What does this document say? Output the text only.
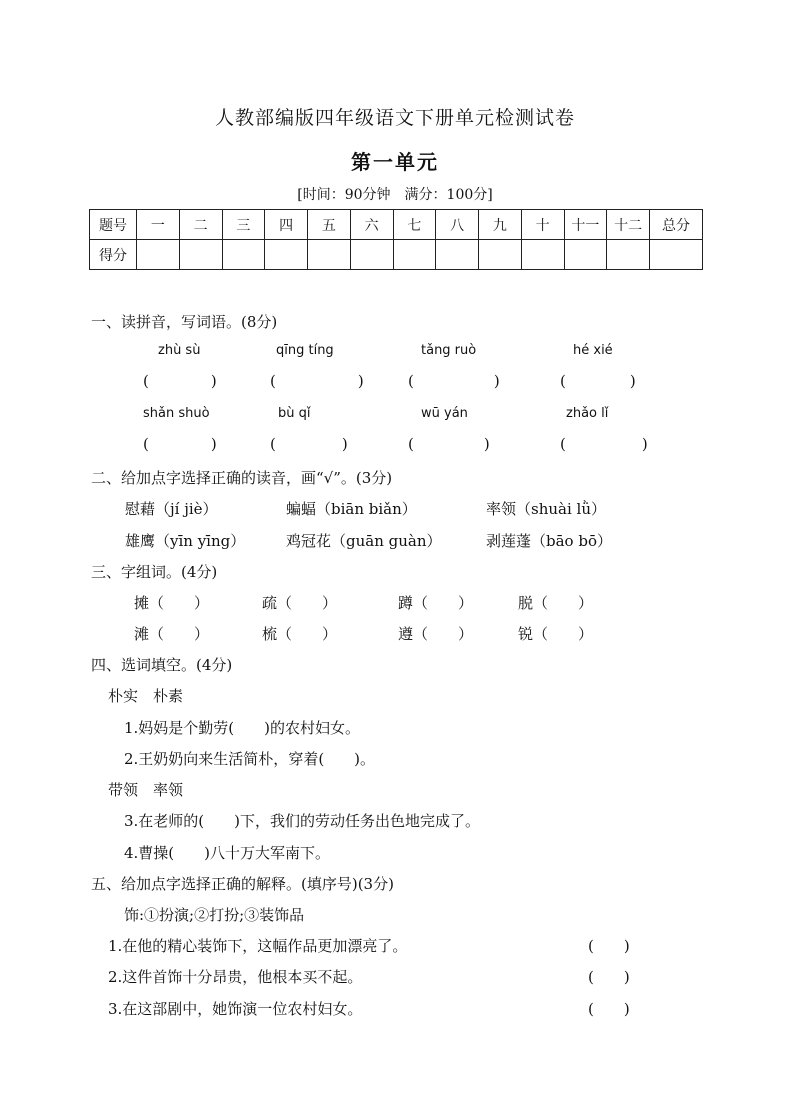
人教部编版四年级语文下册单元检测试卷
第一单元
[时间：90分钟　满分：100分]
题号	一	二	三	四	五	六	七	八	九	十	十一	十二	总分
得分													
一、读拼音，写词语。(8分)
zhù sù	qīng tíng	tǎng ruò	hé xié
(	)	(	)	(	)	(	)
shǎn shuò	bù qǐ	wū yán	zhǎo lǐ
(	)	(	)	(	)	(	)
二、给加点字选择正确的读音，画“√”。(3分)
慰藉（jí jiè）	蝙蝠（biān biǎn）	率领（shuài lǜ）
雄鹰（yīn yīng）	鸡冠花（guān guàn）	剥莲蓬（bāo bō）
三、字组词。(4分)
摊（　　）	疏（　　）	蹲（　　）	脱（　　）
滩（　　）	梳（　　）	遵（　　）	锐（　　）
四、选词填空。(4分)
朴实　朴素
1.妈妈是个勤劳(　　)的农村妇女。
2.王奶奶向来生活简朴，穿着(　　)。
带领　率领
3.在老师的(　　)下，我们的劳动任务出色地完成了。
4.曹操(　　)八十万大军南下。
五、给加点字选择正确的解释。(填序号)(3分)
饰:①扮演;②打扮;③装饰品
1.在他的精心装饰下，这幅作品更加漂亮了。	(　　)
2.这件首饰十分昂贵，他根本买不起。	(　　)
3.在这部剧中，她饰演一位农村妇女。	(　　)
